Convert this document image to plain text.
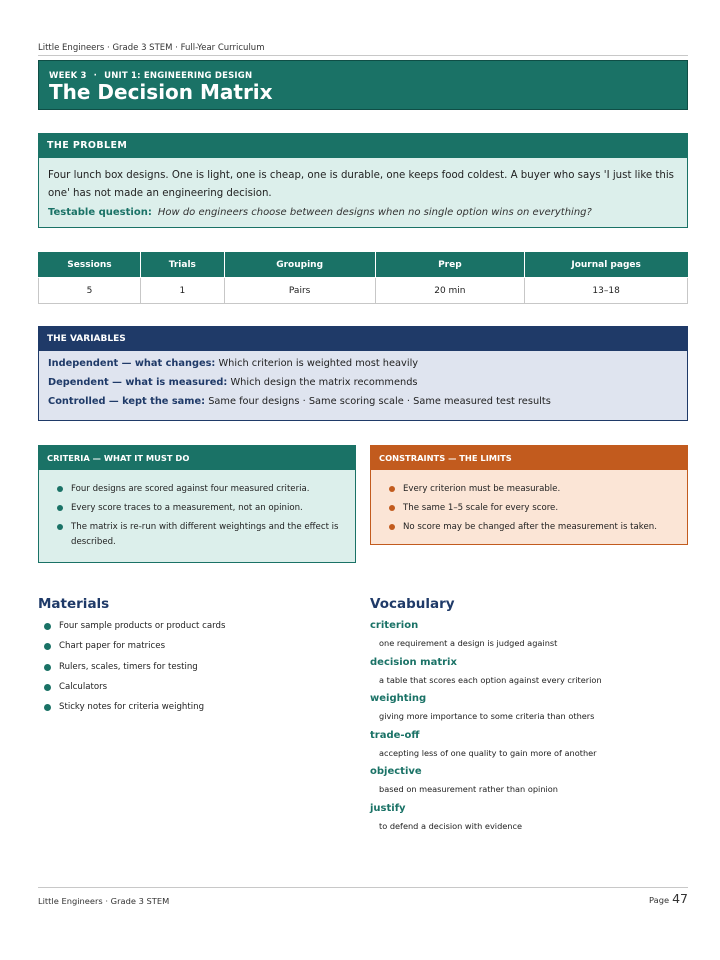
Little Engineers · Grade 3 STEM · Full-Year Curriculum
WEEK 3 · UNIT 1: ENGINEERING DESIGN
The Decision Matrix
THE PROBLEM
Four lunch box designs. One is light, one is cheap, one is durable, one keeps food coldest. A buyer who says 'I just like this one' has not made an engineering decision.
Testable question: How do engineers choose between designs when no single option wins on everything?
Sessions	Trials	Grouping	Prep	Journal pages
5	1	Pairs	20 min	13–18
THE VARIABLES
Independent — what changes: Which criterion is weighted most heavily
Dependent — what is measured: Which design the matrix recommends
Controlled — kept the same: Same four designs · Same scoring scale · Same measured test results
CRITERIA — WHAT IT MUST DO
Four designs are scored against four measured criteria.
Every score traces to a measurement, not an opinion.
The matrix is re-run with different weightings and the effect is described.
CONSTRAINTS — THE LIMITS
Every criterion must be measurable.
The same 1–5 scale for every score.
No score may be changed after the measurement is taken.
Materials
Four sample products or product cards
Chart paper for matrices
Rulers, scales, timers for testing
Calculators
Sticky notes for criteria weighting
Vocabulary
criterion
one requirement a design is judged against
decision matrix
a table that scores each option against every criterion
weighting
giving more importance to some criteria than others
trade-off
accepting less of one quality to gain more of another
objective
based on measurement rather than opinion
justify
to defend a decision with evidence
Little Engineers · Grade 3 STEM	Page 47
